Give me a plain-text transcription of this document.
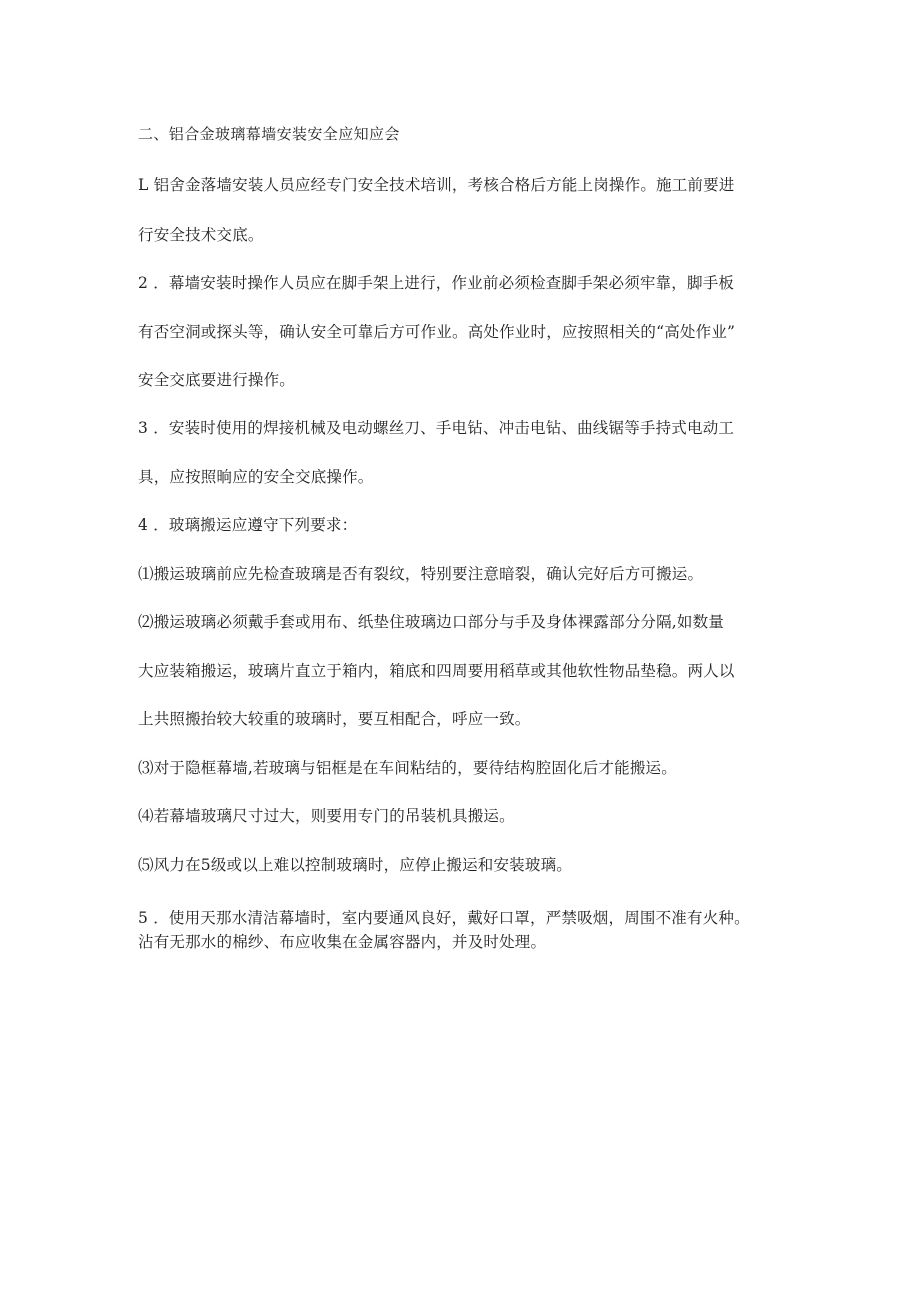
二、铝合金玻璃幕墙安装安全应知应会
L 铝舍金落墙安装人员应经专门安全技术培训，考核合格后方能上岗操作。施工前要进
行安全技术交底。
2 ．幕墙安装时操作人员应在脚手架上进行，作业前必须检查脚手架必须牢靠，脚手板
有否空洞或探头等，确认安全可靠后方可作业。高处作业时，应按照相关的“高处作业”
安全交底要进行操作。
3 ．安装时使用的焊接机械及电动螺丝刀、手电钻、冲击电钻、曲线锯等手持式电动工
具，应按照晌应的安全交底操作。
4 ．玻璃搬运应遵守下列要求：
⑴搬运玻璃前应先检查玻璃是否有裂纹，特别要注意暗裂，确认完好后方可搬运。
⑵搬运玻璃必须戴手套或用布、纸垫住玻璃边口部分与手及身体裸露部分分隔,如数量
大应装箱搬运，玻璃片直立于箱内，箱底和四周要用稻草或其他软性物品垫稳。两人以
上共照搬抬较大较重的玻璃时，要互相配合，呼应一致。
⑶对于隐框幕墙,若玻璃与铝框是在车间粘结的，要待结构腔固化后才能搬运。
⑷若幕墙玻璃尺寸过大，则要用专门的吊装机具搬运。
⑸风力在5级或以上难以控制玻璃时，应停止搬运和安装玻璃。
5 ．使用天那水清洁幕墙时，室内要通风良好，戴好口罩，严禁吸烟，周围不准有火种。
沾有无那水的棉纱、布应收集在金属容器内，并及时处理。
